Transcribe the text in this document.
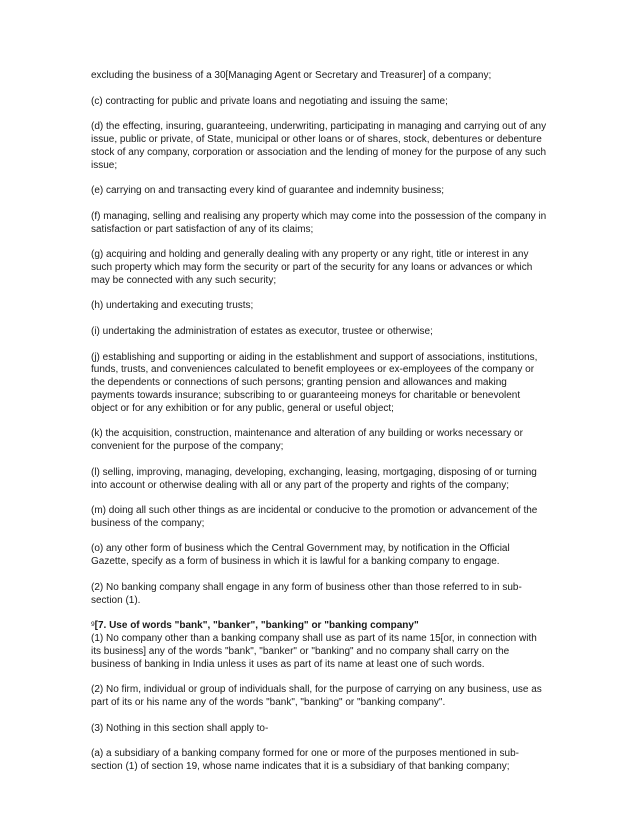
excluding the business of a 30[Managing Agent or Secretary and Treasurer] of a company;

(c) contracting for public and private loans and negotiating and issuing the same;

(d) the effecting, insuring, guaranteeing, underwriting, participating in managing and carrying out of any issue, public or private, of State, municipal or other loans or of shares, stock, debentures or debenture stock of any company, corporation or association and the lending of money for the purpose of any such issue;

(e) carrying on and transacting every kind of guarantee and indemnity business;

(f) managing, selling and realising any property which may come into the possession of the company in satisfaction or part satisfaction of any of its claims;

(g) acquiring and holding and generally dealing with any property or any right, title or interest in any such property which may form the security or part of the security for any loans or advances or which may be connected with any such security;

(h) undertaking and executing trusts;

(i) undertaking the administration of estates as executor, trustee or otherwise;

(j) establishing and supporting or aiding in the establishment and support of associations, institutions, funds, trusts, and conveniences calculated to benefit employees or ex-employees of the company or the dependents or connections of such persons; granting pension and allowances and making payments towards insurance; subscribing to or guaranteeing moneys for charitable or benevolent object or for any exhibition or for any public, general or useful object;

(k) the acquisition, construction, maintenance and alteration of any building or works necessary or convenient for the purpose of the company;

(l) selling, improving, managing, developing, exchanging, leasing, mortgaging, disposing of or turning into account or otherwise dealing with all or any part of the property and rights of the company;

(m) doing all such other things as are incidental or conducive to the promotion or advancement of the business of the company;

(o) any other form of business which the Central Government may, by notification in the Official Gazette, specify as a form of business in which it is lawful for a banking company to engage.

(2) No banking company shall engage in any form of business other than those referred to in sub-section (1).

$^9$[7. Use of words "bank", "banker", "banking" or "banking company"

(1) No company other than a banking company shall use as part of its name 15[or, in connection with its business] any of the words "bank", "banker" or "banking" and no company shall carry on the business of banking in India unless it uses as part of its name at least one of such words.

(2) No firm, individual or group of individuals shall, for the purpose of carrying on any business, use as part of its or his name any of the words "bank", "banking" or "banking company".

(3) Nothing in this section shall apply to-

(a) a subsidiary of a banking company formed for one or more of the purposes mentioned in sub-section (1) of section 19, whose name indicates that it is a subsidiary of that banking company;
